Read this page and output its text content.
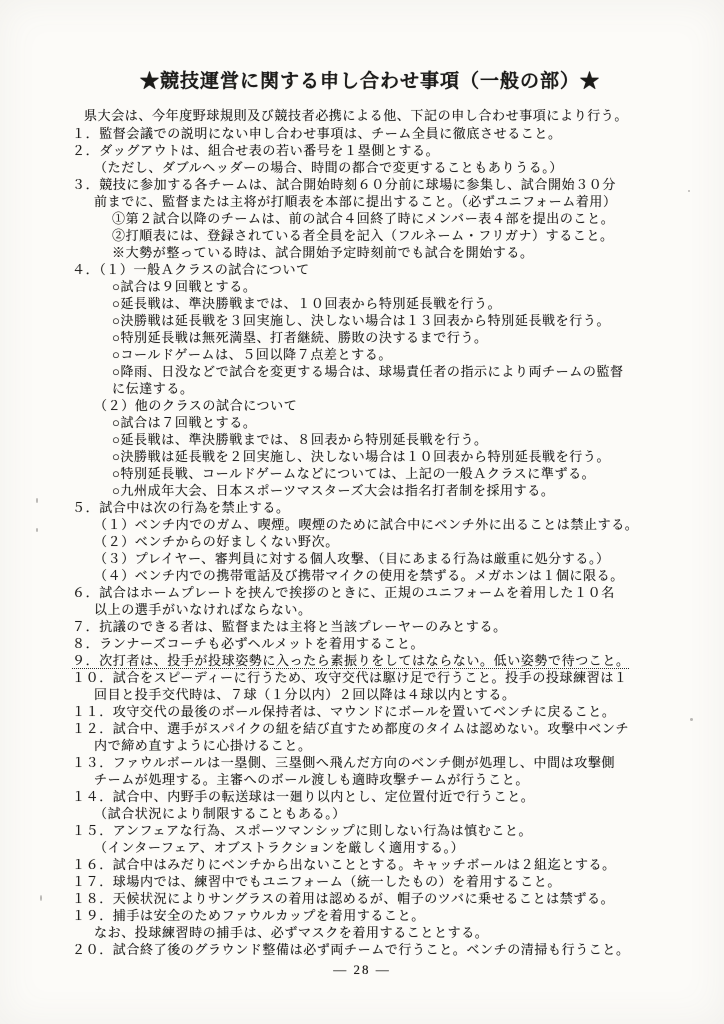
★競技運営に関する申し合わせ事項（一般の部）★

県大会は、今年度野球規則及び競技者必携による他、下記の申し合わせ事項により行う。

１．監督会議での説明にない申し合わせ事項は、チーム全員に徹底させること。
２．ダッグアウトは、組合せ表の若い番号を１塁側とする。
（ただし、ダブルヘッダーの場合、時間の都合で変更することもありうる。）
３．競技に参加する各チームは、試合開始時刻６０分前に球場に参集し、試合開始３０分
前までに、監督または主将が打順表を本部に提出すること。（必ずユニフォーム着用）
①第２試合以降のチームは、前の試合４回終了時にメンバー表４部を提出のこと。
②打順表には、登録されている者全員を記入（フルネーム・フリガナ）すること。
※大勢が整っている時は、試合開始予定時刻前でも試合を開始する。
４．（１）一般Ａクラスの試合について
○試合は９回戦とする。
○延長戦は、準決勝戦までは、１０回表から特別延長戦を行う。
○決勝戦は延長戦を３回実施し、決しない場合は１３回表から特別延長戦を行う。
○特別延長戦は無死満塁、打者継続、勝敗の決するまで行う。
○コールドゲームは、５回以降７点差とする。
○降雨、日没などで試合を変更する場合は、球場責任者の指示により両チームの監督
に伝達する。
（２）他のクラスの試合について
○試合は７回戦とする。
○延長戦は、準決勝戦までは、８回表から特別延長戦を行う。
○決勝戦は延長戦を２回実施し、決しない場合は１０回表から特別延長戦を行う。
○特別延長戦、コールドゲームなどについては、上記の一般Ａクラスに準ずる。
○九州成年大会、日本スポーツマスターズ大会は指名打者制を採用する。
５．試合中は次の行為を禁止する。
（１）ベンチ内でのガム、喫煙。喫煙のために試合中にベンチ外に出ることは禁止する。
（２）ベンチからの好ましくない野次。
（３）プレイヤー、審判員に対する個人攻撃、（目にあまる行為は厳重に処分する。）
（４）ベンチ内での携帯電話及び携帯マイクの使用を禁ずる。メガホンは１個に限る。
６．試合はホームプレートを挟んで挨拶のときに、正規のユニフォームを着用した１０名
以上の選手がいなければならない。
７．抗議のできる者は、監督または主将と当該プレーヤーのみとする。
８．ランナーズコーチも必ずヘルメットを着用すること。
９．次打者は、投手が投球姿勢に入ったら素振りをしてはならない。低い姿勢で待つこと。
１０．試合をスピーディーに行うため、攻守交代は駆け足で行うこと。投手の投球練習は１
回目と投手交代時は、７球（１分以内）２回以降は４球以内とする。
１１．攻守交代の最後のボール保持者は、マウンドにボールを置いてベンチに戻ること。
１２．試合中、選手がスパイクの紐を結び直すため都度のタイムは認めない。攻撃中ベンチ
内で締め直すように心掛けること。
１３．ファウルボールは一塁側、三塁側へ飛んだ方向のベンチ側が処理し、中間は攻撃側
チームが処理する。主審へのボール渡しも適時攻撃チームが行うこと。
１４．試合中、内野手の転送球は一廻り以内とし、定位置付近で行うこと。
（試合状況により制限することもある。）
１５．アンフェアな行為、スポーツマンシップに則しない行為は慎むこと。
（インターフェア、オブストラクションを厳しく適用する。）
１６．試合中はみだりにベンチから出ないこととする。キャッチボールは２組迄とする。
１７．球場内では、練習中でもユニフォーム（統一したもの）を着用すること。
１８．天候状況によりサングラスの着用は認めるが、帽子のツバに乗せることは禁ずる。
１９．捕手は安全のためファウルカップを着用すること。
なお、投球練習時の捕手は、必ずマスクを着用することとする。
２０．試合終了後のグラウンド整備は必ず両チームで行うこと。ベンチの清掃も行うこと。
― 28 ―
